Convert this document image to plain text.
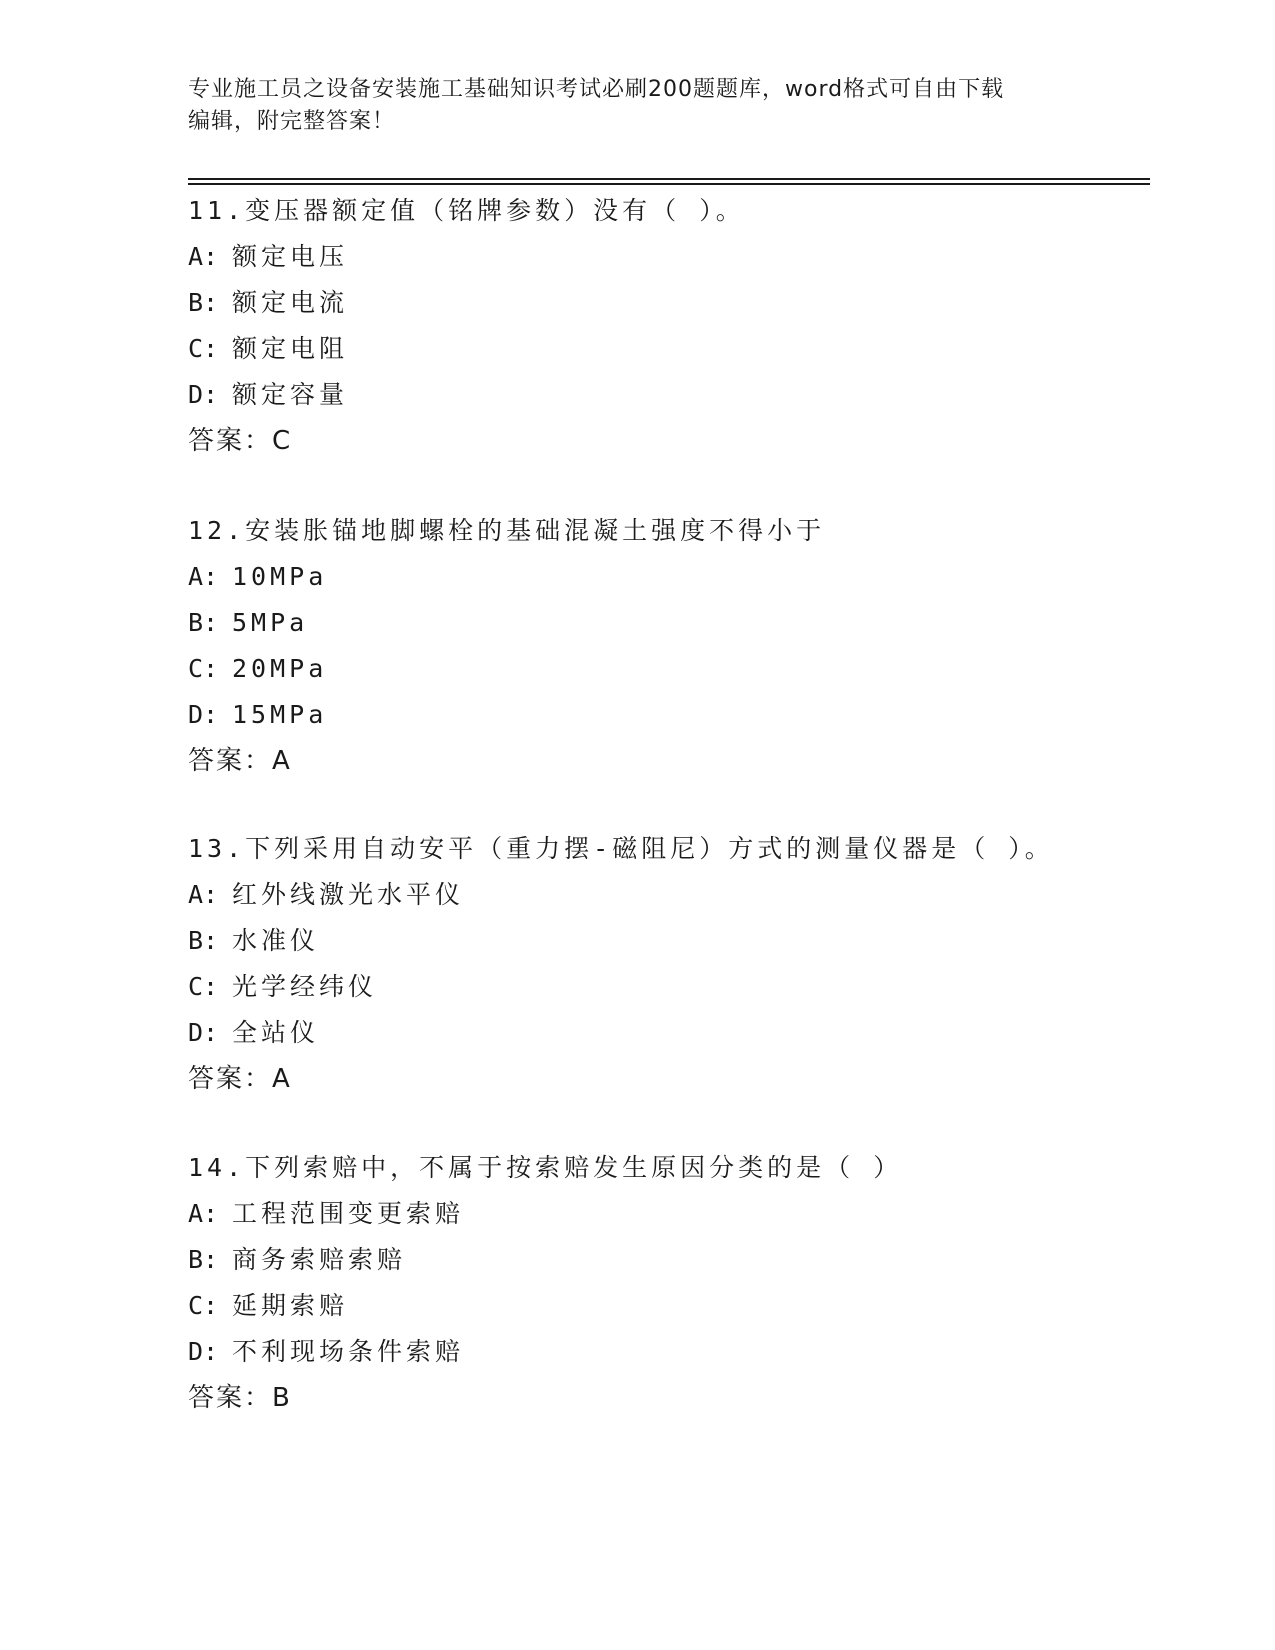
专业施工员之设备安装施工基础知识考试必刷200题题库，word格式可自由下载
编辑，附完整答案！
11.变压器额定值（铭牌参数）没有（ ）。
A: 额定电压
B: 额定电流
C: 额定电阻
D: 额定容量
答案：C
12.安装胀锚地脚螺栓的基础混凝土强度不得小于
A: 10MPa
B: 5MPa
C: 20MPa
D: 15MPa
答案：A
13.下列采用自动安平（重力摆-磁阻尼）方式的测量仪器是（ ）。
A: 红外线激光水平仪
B: 水准仪
C: 光学经纬仪
D: 全站仪
答案：A
14.下列索赔中，不属于按索赔发生原因分类的是（ ）
A: 工程范围变更索赔
B: 商务索赔索赔
C: 延期索赔
D: 不利现场条件索赔
答案：B
